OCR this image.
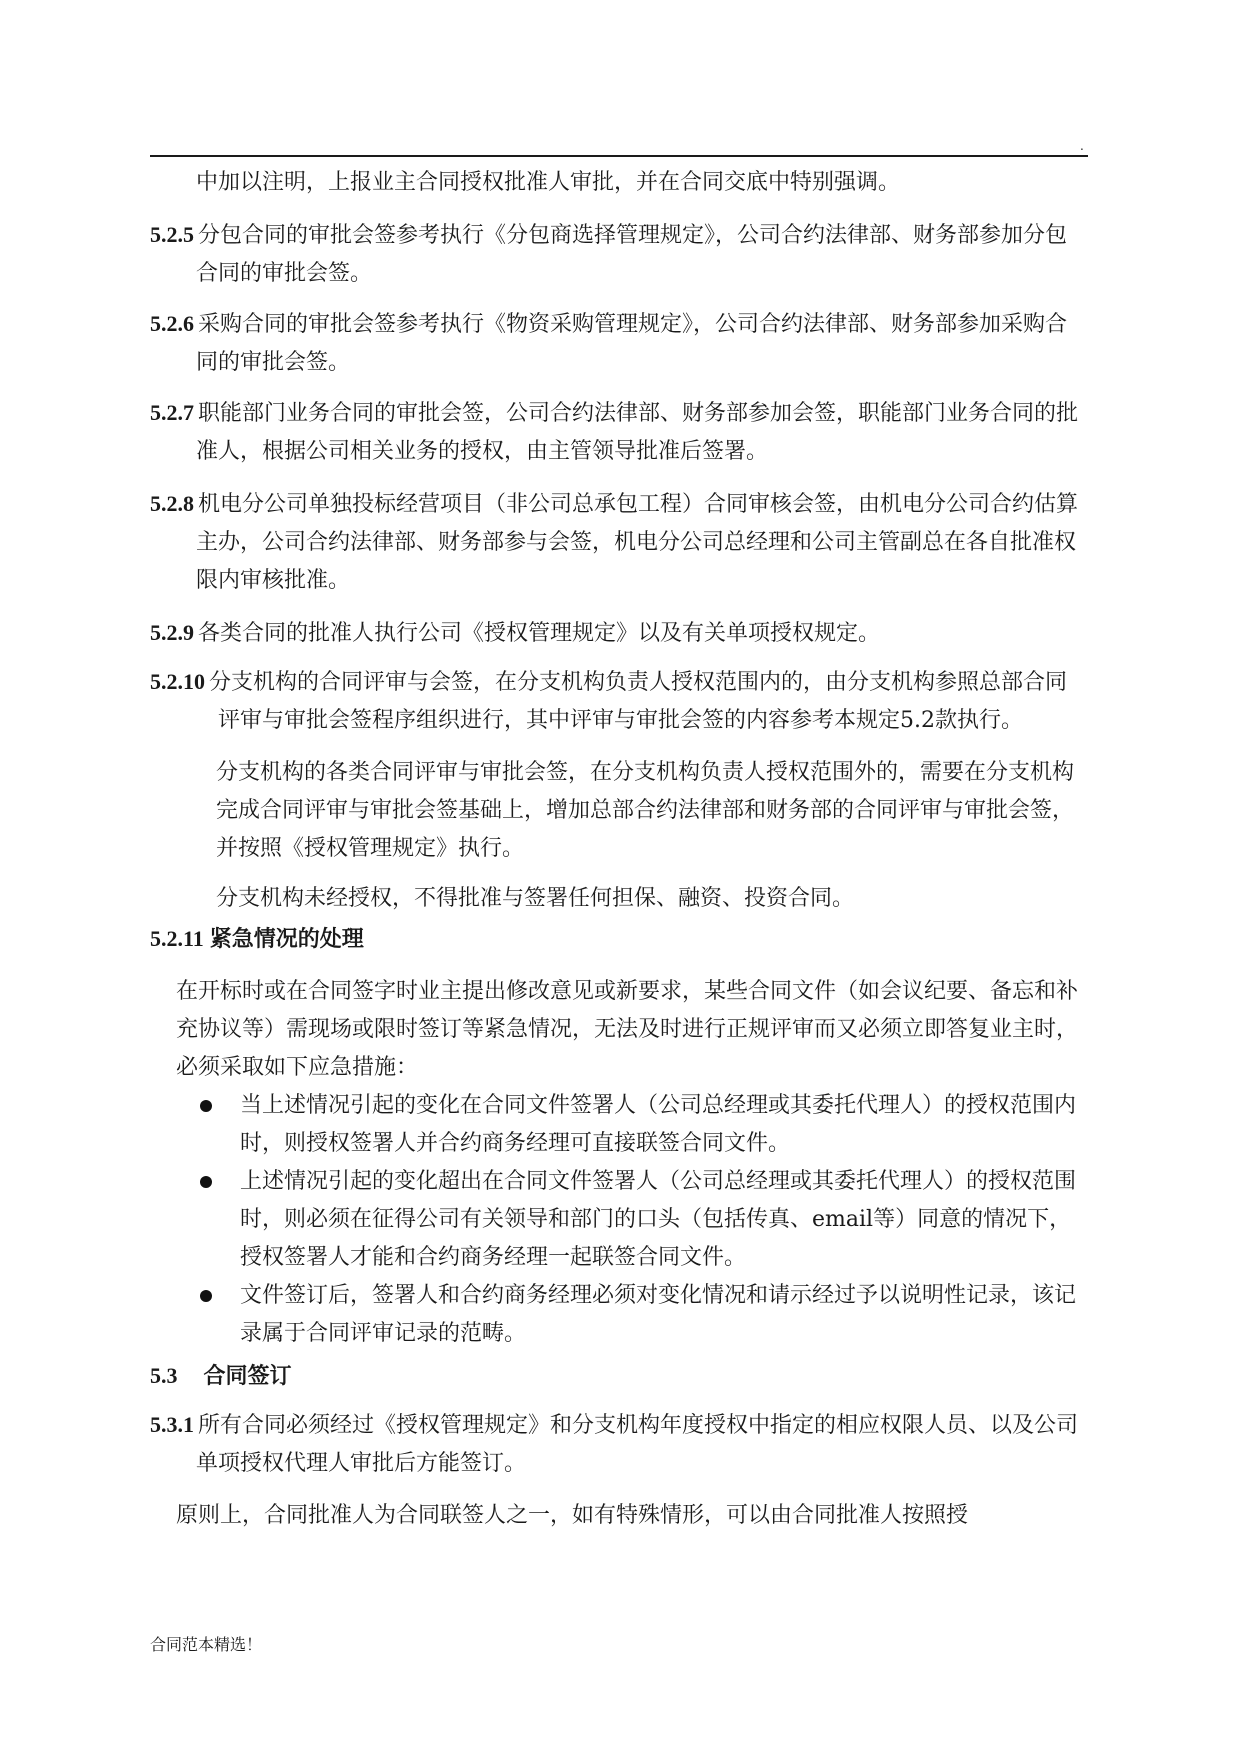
.

中加以注明，上报业主合同授权批准人审批，并在合同交底中特别强调。

5.2.5 分包合同的审批会签参考执行《分包商选择管理规定》，公司合约法律部、财务部参加分包合同的审批会签。

5.2.6 采购合同的审批会签参考执行《物资采购管理规定》，公司合约法律部、财务部参加采购合同的审批会签。

5.2.7 职能部门业务合同的审批会签，公司合约法律部、财务部参加会签，职能部门业务合同的批准人，根据公司相关业务的授权，由主管领导批准后签署。

5.2.8 机电分公司单独投标经营项目（非公司总承包工程）合同审核会签，由机电分公司合约估算主办，公司合约法律部、财务部参与会签，机电分公司总经理和公司主管副总在各自批准权限内审核批准。

5.2.9 各类合同的批准人执行公司《授权管理规定》以及有关单项授权规定。

5.2.10 分支机构的合同评审与会签，在分支机构负责人授权范围内的，由分支机构参照总部合同评审与审批会签程序组织进行，其中评审与审批会签的内容参考本规定5.2款执行。

分支机构的各类合同评审与审批会签，在分支机构负责人授权范围外的，需要在分支机构完成合同评审与审批会签基础上，增加总部合约法律部和财务部的合同评审与审批会签，并按照《授权管理规定》执行。

分支机构未经授权，不得批准与签署任何担保、融资、投资合同。

5.2.11 紧急情况的处理

在开标时或在合同签字时业主提出修改意见或新要求，某些合同文件（如会议纪要、备忘和补充协议等）需现场或限时签订等紧急情况，无法及时进行正规评审而又必须立即答复业主时，必须采取如下应急措施：

当上述情况引起的变化在合同文件签署人（公司总经理或其委托代理人）的授权范围内时，则授权签署人并合约商务经理可直接联签合同文件。
上述情况引起的变化超出在合同文件签署人（公司总经理或其委托代理人）的授权范围时，则必须在征得公司有关领导和部门的口头（包括传真、email等）同意的情况下，授权签署人才能和合约商务经理一起联签合同文件。
文件签订后，签署人和合约商务经理必须对变化情况和请示经过予以说明性记录，该记录属于合同评审记录的范畴。
5.3 合同签订

5.3.1 所有合同必须经过《授权管理规定》和分支机构年度授权中指定的相应权限人员、以及公司单项授权代理人审批后方能签订。

原则上，合同批准人为合同联签人之一，如有特殊情形，可以由合同批准人按照授

合同范本精选！
